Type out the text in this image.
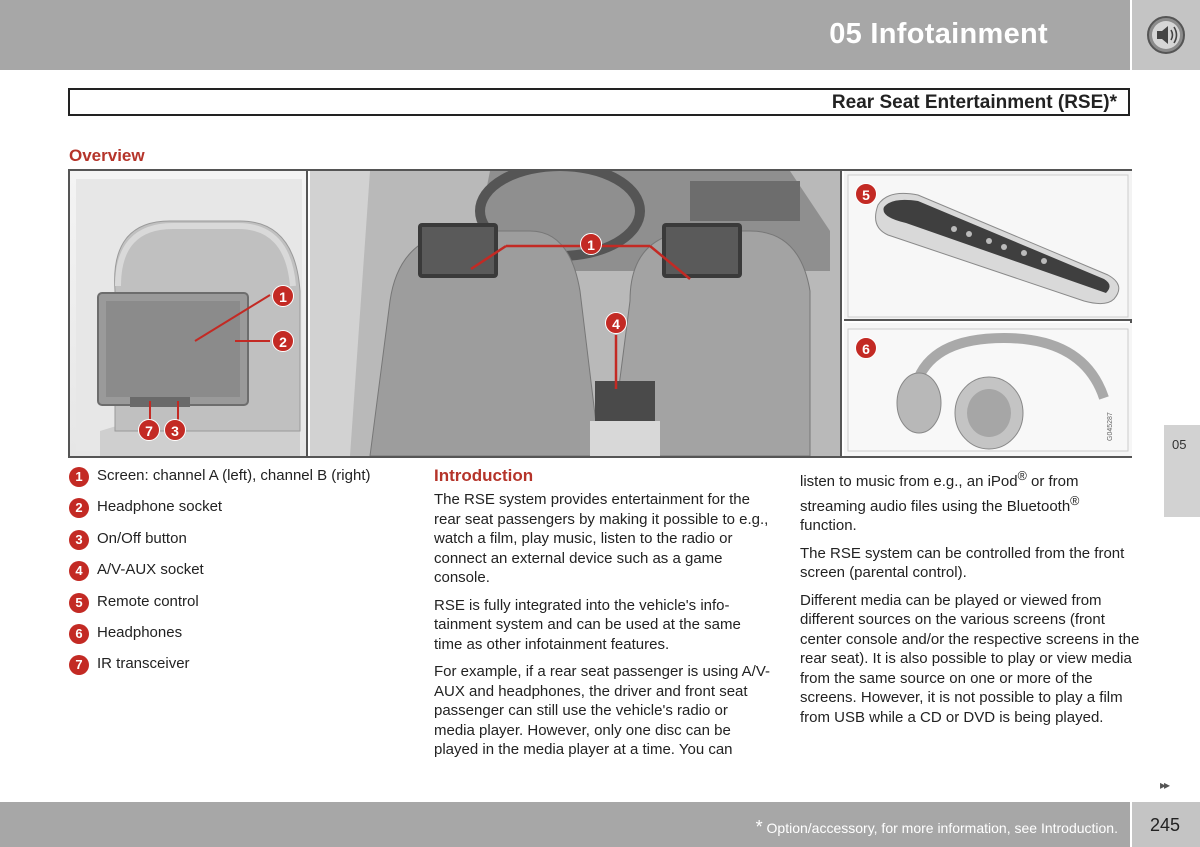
05 Infotainment
Rear Seat Entertainment (RSE)*
Overview
1
2
7	3
1
4
5
G045287
6
1 Screen: channel A (left), channel B (right)
2 Headphone socket
3 On/Off button
4 A/V-AUX socket
5 Remote control
6 Headphones
7 IR transceiver
Introduction

The RSE system provides entertainment for the rear seat passengers by making it possible to e.g., watch a film, play music, listen to the radio or connect an external device such as a game console.

RSE is fully integrated into the vehicle's info-tainment system and can be used at the same time as other infotainment features.

For example, if a rear seat passenger is using A/V-AUX and headphones, the driver and front seat passenger can still use the vehicle's radio or media player. However, only one disc can be played in the media player at a time. You can

listen to music from e.g., an iPod® or from streaming audio files using the Bluetooth® function.

The RSE system can be controlled from the front screen (parental control).

Different media can be played or viewed from different sources on the various screens (front center console and/or the respective screens in the rear seat). It is also possible to play or view media from the same source on one or more of the screens. However, it is not possible to play a film from USB while a CD or DVD is being played.

05
▸▸
* Option/accessory, for more information, see Introduction. 245
